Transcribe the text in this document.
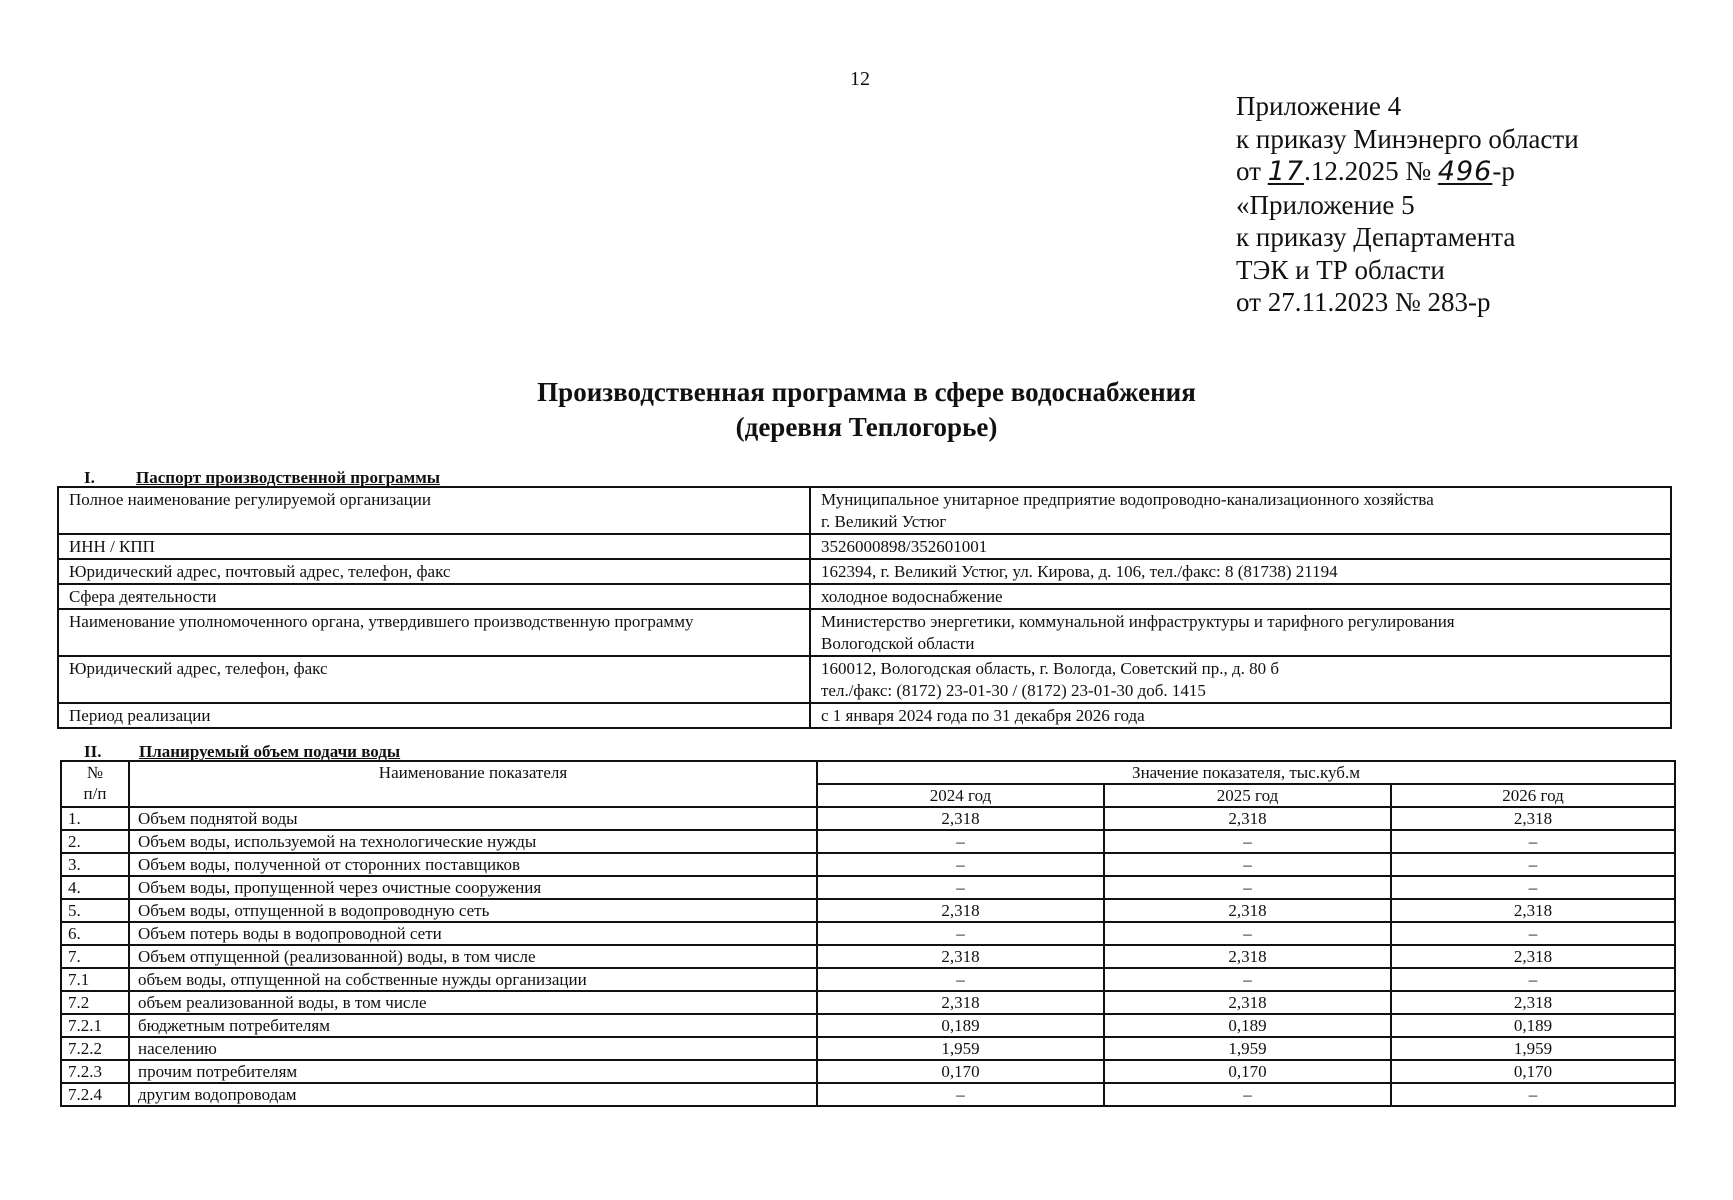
12
Приложение 4
к приказу Минэнерго области
от 17.12.2025 № 496-р
«Приложение 5
к приказу Департамента
ТЭК и ТР области
от 27.11.2023 № 283-р
Производственная программа в сфере водоснабжения
(деревня Теплогорье)
I. Паспорт производственной программы
Полное наименование регулируемой организации	Муниципальное унитарное предприятие водопроводно-канализационного хозяйства
г. Великий Устюг

ИНН / КПП	3526000898/352601001

Юридический адрес, почтовый адрес, телефон, факс	162394, г. Великий Устюг, ул. Кирова, д. 106, тел./факс: 8 (81738) 21194

Сфера деятельности	холодное водоснабжение

Наименование уполномоченного органа, утвердившего производственную программу	Министерство энергетики, коммунальной инфраструктуры и тарифного регулирования
Вологодской области

Юридический адрес, телефон, факс	160012, Вологодская область, г. Вологда, Советский пр., д. 80 б
тел./факс: (8172) 23-01-30 / (8172) 23-01-30 доб. 1415

Период реализации	с 1 января 2024 года по 31 декабря 2026 года
II. Планируемый объем подачи воды
№
п/п	Наименование показателя	Значение показателя, тыс.куб.м		
		2024 год	2025 год	2026 год
1.	Объем поднятой воды	2,318	2,318	2,318
2.	Объем воды, используемой на технологические нужды	–	–	–
3.	Объем воды, полученной от сторонних поставщиков	–	–	–
4.	Объем воды, пропущенной через очистные сооружения	–	–	–
5.	Объем воды, отпущенной в водопроводную сеть	2,318	2,318	2,318
6.	Объем потерь воды в водопроводной сети	–	–	–
7.	Объем отпущенной (реализованной) воды, в том числе	2,318	2,318	2,318
7.1	объем воды, отпущенной на собственные нужды организации	–	–	–
7.2	объем реализованной воды, в том числе	2,318	2,318	2,318
7.2.1	бюджетным потребителям	0,189	0,189	0,189
7.2.2	населению	1,959	1,959	1,959
7.2.3	прочим потребителям	0,170	0,170	0,170
7.2.4	другим водопроводам	–	–	–
